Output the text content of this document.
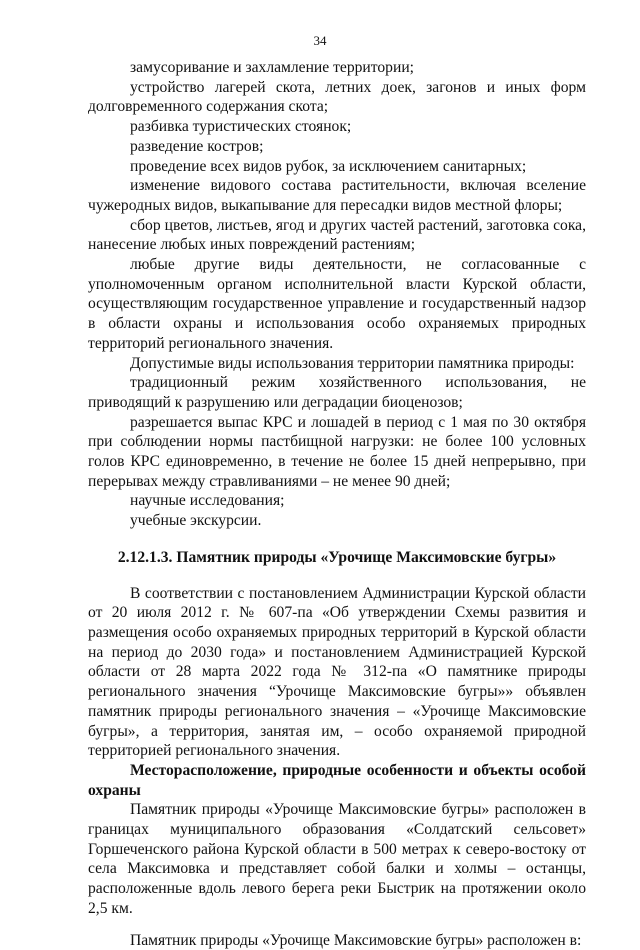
34

замусоривание и захламление территории;

устройство лагерей скота, летних доек, загонов и иных форм долговременного содержания скота;

разбивка туристических стоянок;

разведение костров;

проведение всех видов рубок, за исключением санитарных;

изменение видового состава растительности, включая вселение чужеродных видов, выкапывание для пересадки видов местной флоры;

сбор цветов, листьев, ягод и других частей растений, заготовка сока, нанесение любых иных повреждений растениям;

любые другие виды деятельности, не согласованные с уполномоченным органом исполнительной власти Курской области, осуществляющим государственное управление и государственный надзор в области охраны и использования особо охраняемых природных территорий регионального значения.

Допустимые виды использования территории памятника природы:

традиционный режим хозяйственного использования, не приводящий к разрушению или деградации биоценозов;

разрешается выпас КРС и лошадей в период с 1 мая по 30 октября при соблюдении нормы пастбищной нагрузки: не более 100 условных голов КРС единовременно, в течение не более 15 дней непрерывно, при перерывах между стравливаниями – не менее 90 дней;

научные исследования;

учебные экскурсии.

2.12.1.3. Памятник природы «Урочище Максимовские бугры»

В соответствии с постановлением Администрации Курской области от 20 июля 2012 г. № 607-па «Об утверждении Схемы развития и размещения особо охраняемых природных территорий в Курской области на период до 2030 года» и постановлением Администрацией Курской области от 28 марта 2022 года № 312-па «О памятнике природы регионального значения “Урочище Максимовские бугры»» объявлен памятник природы регионального значения – «Урочище Максимовские бугры», а территория, занятая им, – особо охраняемой природной территорией регионального значения.

Месторасположение, природные особенности и объекты особой охраны

Памятник природы «Урочище Максимовские бугры» расположен в границах муниципального образования «Солдатский сельсовет» Горшеченского района Курской области в 500 метрах к северо-востоку от села Максимовка и представляет собой балки и холмы – останцы, расположенные вдоль левого берега реки Быстрик на протяжении около 2,5 км.

Памятник природы «Урочище Максимовские бугры» расположен в:
